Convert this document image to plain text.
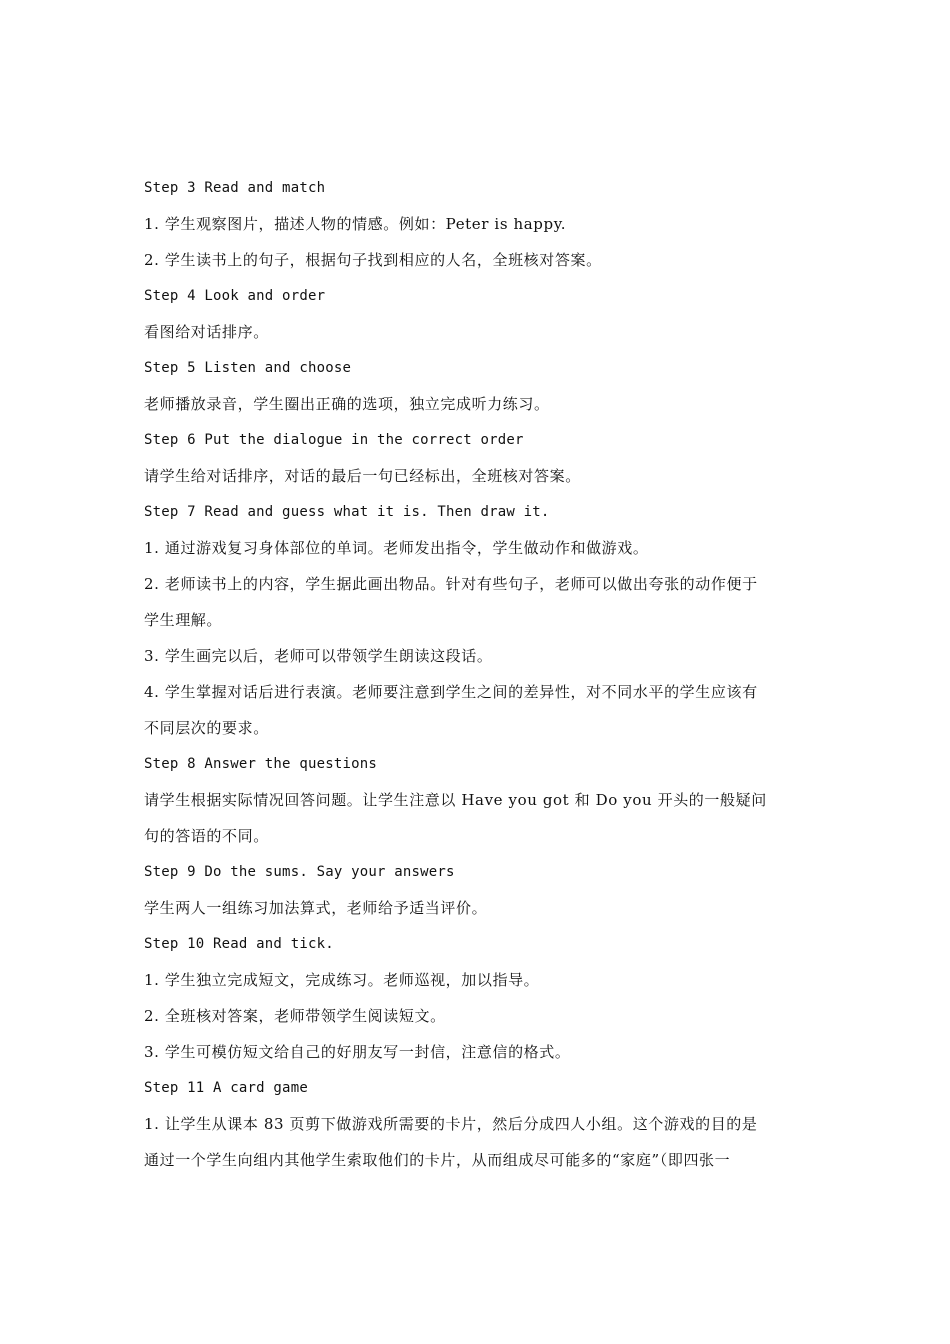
Step 3 Read and match
1. 学生观察图片，描述人物的情感。例如：Peter is happy.
2. 学生读书上的句子，根据句子找到相应的人名，全班核对答案。
Step 4 Look and order
看图给对话排序。
Step 5 Listen and choose
老师播放录音，学生圈出正确的选项，独立完成听力练习。
Step 6 Put the dialogue in the correct order
请学生给对话排序，对话的最后一句已经标出，全班核对答案。
Step 7 Read and guess what it is. Then draw it.
1. 通过游戏复习身体部位的单词。老师发出指令，学生做动作和做游戏。
2. 老师读书上的内容，学生据此画出物品。针对有些句子，老师可以做出夸张的动作便于
学生理解。
3. 学生画完以后，老师可以带领学生朗读这段话。
4. 学生掌握对话后进行表演。老师要注意到学生之间的差异性，对不同水平的学生应该有
不同层次的要求。
Step 8 Answer the questions
请学生根据实际情况回答问题。让学生注意以 Have you got 和 Do you 开头的一般疑问
句的答语的不同。
Step 9 Do the sums. Say your answers
学生两人一组练习加法算式，老师给予适当评价。
Step 10 Read and tick.
1. 学生独立完成短文，完成练习。老师巡视，加以指导。
2. 全班核对答案，老师带领学生阅读短文。
3. 学生可模仿短文给自己的好朋友写一封信，注意信的格式。
Step 11 A card game
1. 让学生从课本 83 页剪下做游戏所需要的卡片，然后分成四人小组。这个游戏的目的是
通过一个学生向组内其他学生索取他们的卡片，从而组成尽可能多的“家庭”（即四张一
